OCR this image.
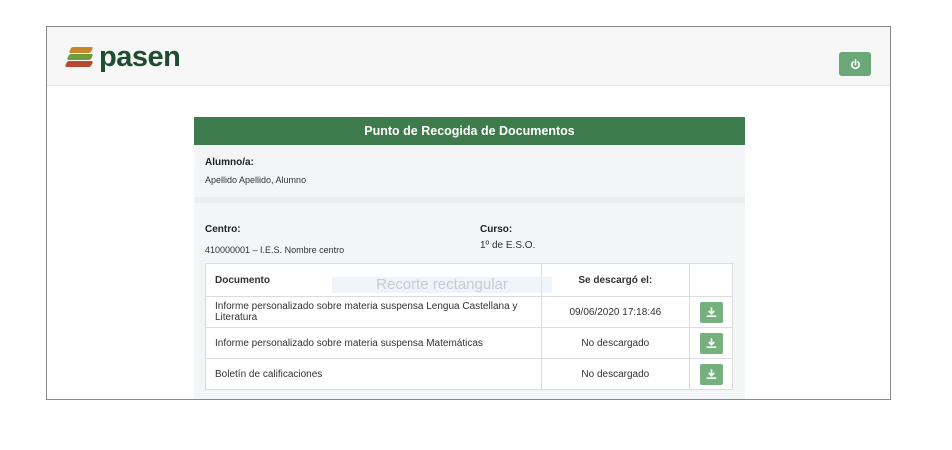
pasen
Punto de Recogida de Documentos
Alumno/a:
Apellido Apellido, Alumno
Centro:
410000001 – I.E.S. Nombre centro
Curso:
1º de E.S.O.
Documento	Se descargó el:	
Informe personalizado sobre materia suspensa Lengua Castellana y Literatura	09/06/2020 17:18:46	

Informe personalizado sobre materia suspensa Matemáticas	No descargado	

Boletín de calificaciones	No descargado	
Recorte rectangular
